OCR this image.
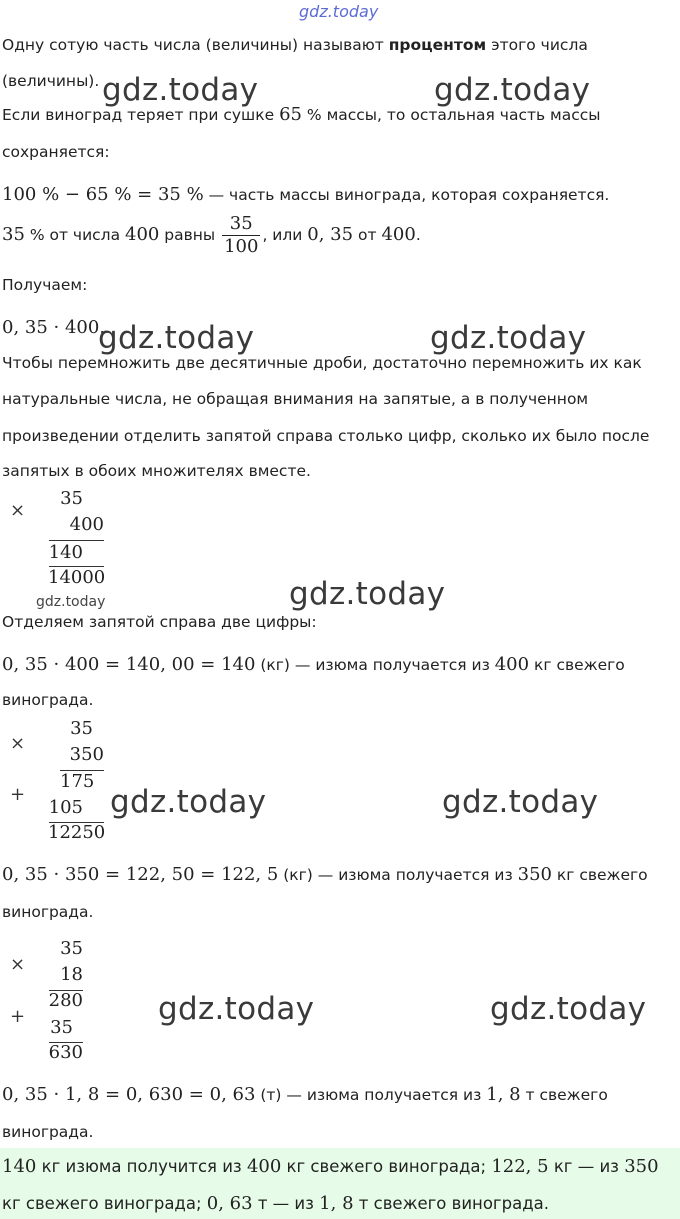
gdz.today
Одну сотую часть числа (величины) называют процентом этого числа
(величины).
Если виноград теряет при сушке 65 % массы, то остальная часть массы
сохраняется:
100 % − 65 % = 35 % — часть массы винограда, которая сохраняется.
35 % от числа 400 равны $\frac{35}{100}$ , или 0, 35 от 400.
Получаем:
0, 35 · 400.
Чтобы перемножить две десятичные дроби, достаточно перемножить их как
натуральные числа, не обращая внимания на запятые, а в полученном
произведении отделить запятой справа столько цифр, сколько их было после
запятых в обоих множителях вместе.
×
35
400
140
14000
Отделяем запятой справа две цифры:
0, 35 · 400 = 140, 00 = 140 (кг) — изюма получается из 400 кг свежего
винограда.
×
35
350
175
+
105
12250
0, 35 · 350 = 122, 50 = 122, 5 (кг) — изюма получается из 350 кг свежего
винограда.
×
35
18
280
+
35
630
0, 35 · 1, 8 = 0, 630 = 0, 63 (т) — изюма получается из 1, 8 т свежего
винограда.
140 кг изюма получится из 400 кг свежего винограда; 122, 5 кг — из 350
кг свежего винограда; 0, 63 т — из 1, 8 т свежего винограда.
gdz.today	gdz.today
gdz.today	gdz.today
gdz.today
gdz.today
gdz.today	gdz.today
gdz.today	gdz.today
